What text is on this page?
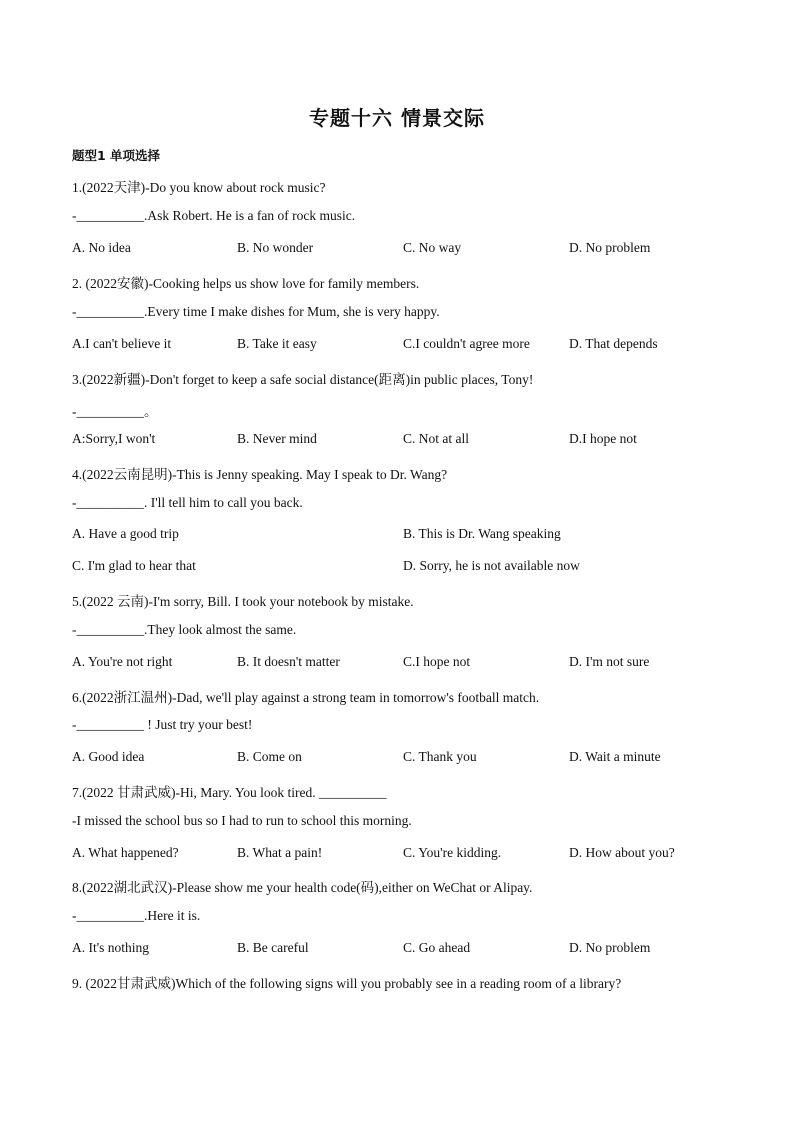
专题十六 情景交际
题型1 单项选择
1.(2022天津)-Do you know about rock music?
-__________.Ask Robert. He is a fan of rock music.
A. No idea	B. No wonder	C. No way	D. No problem
2. (2022安徽)-Cooking helps us show love for family members.
-__________.Every time I make dishes for Mum, she is very happy.
A.I can't believe it	B. Take it easy	C.I couldn't agree more	D. That depends
3.(2022新疆)-Don't forget to keep a safe social distance(距离)in public places, Tony!
-__________。
A:Sorry,I won't	B. Never mind	C. Not at all	D.I hope not
4.(2022云南昆明)-This is Jenny speaking. May I speak to Dr. Wang?
-__________. I'll tell him to call you back.
A. Have a good trip	B. This is Dr. Wang speaking
C. I'm glad to hear that	D. Sorry, he is not available now
5.(2022 云南)-I'm sorry, Bill. I took your notebook by mistake.
-__________.They look almost the same.
A. You're not right	B. It doesn't matter	C.I hope not	D. I'm not sure
6.(2022浙江温州)-Dad, we'll play against a strong team in tomorrow's football match.
-__________ ! Just try your best!
A. Good idea	B. Come on	C. Thank you	D. Wait a minute
7.(2022 甘肃武威)-Hi, Mary. You look tired. __________
-I missed the school bus so I had to run to school this morning.
A. What happened?	B. What a pain!	C. You're kidding.	D. How about you?
8.(2022湖北武汉)-Please show me your health code(码),either on WeChat or Alipay.
-__________.Here it is.
A. It's nothing	B. Be careful	C. Go ahead	D. No problem
9. (2022甘肃武威)Which of the following signs will you probably see in a reading room of a library?
